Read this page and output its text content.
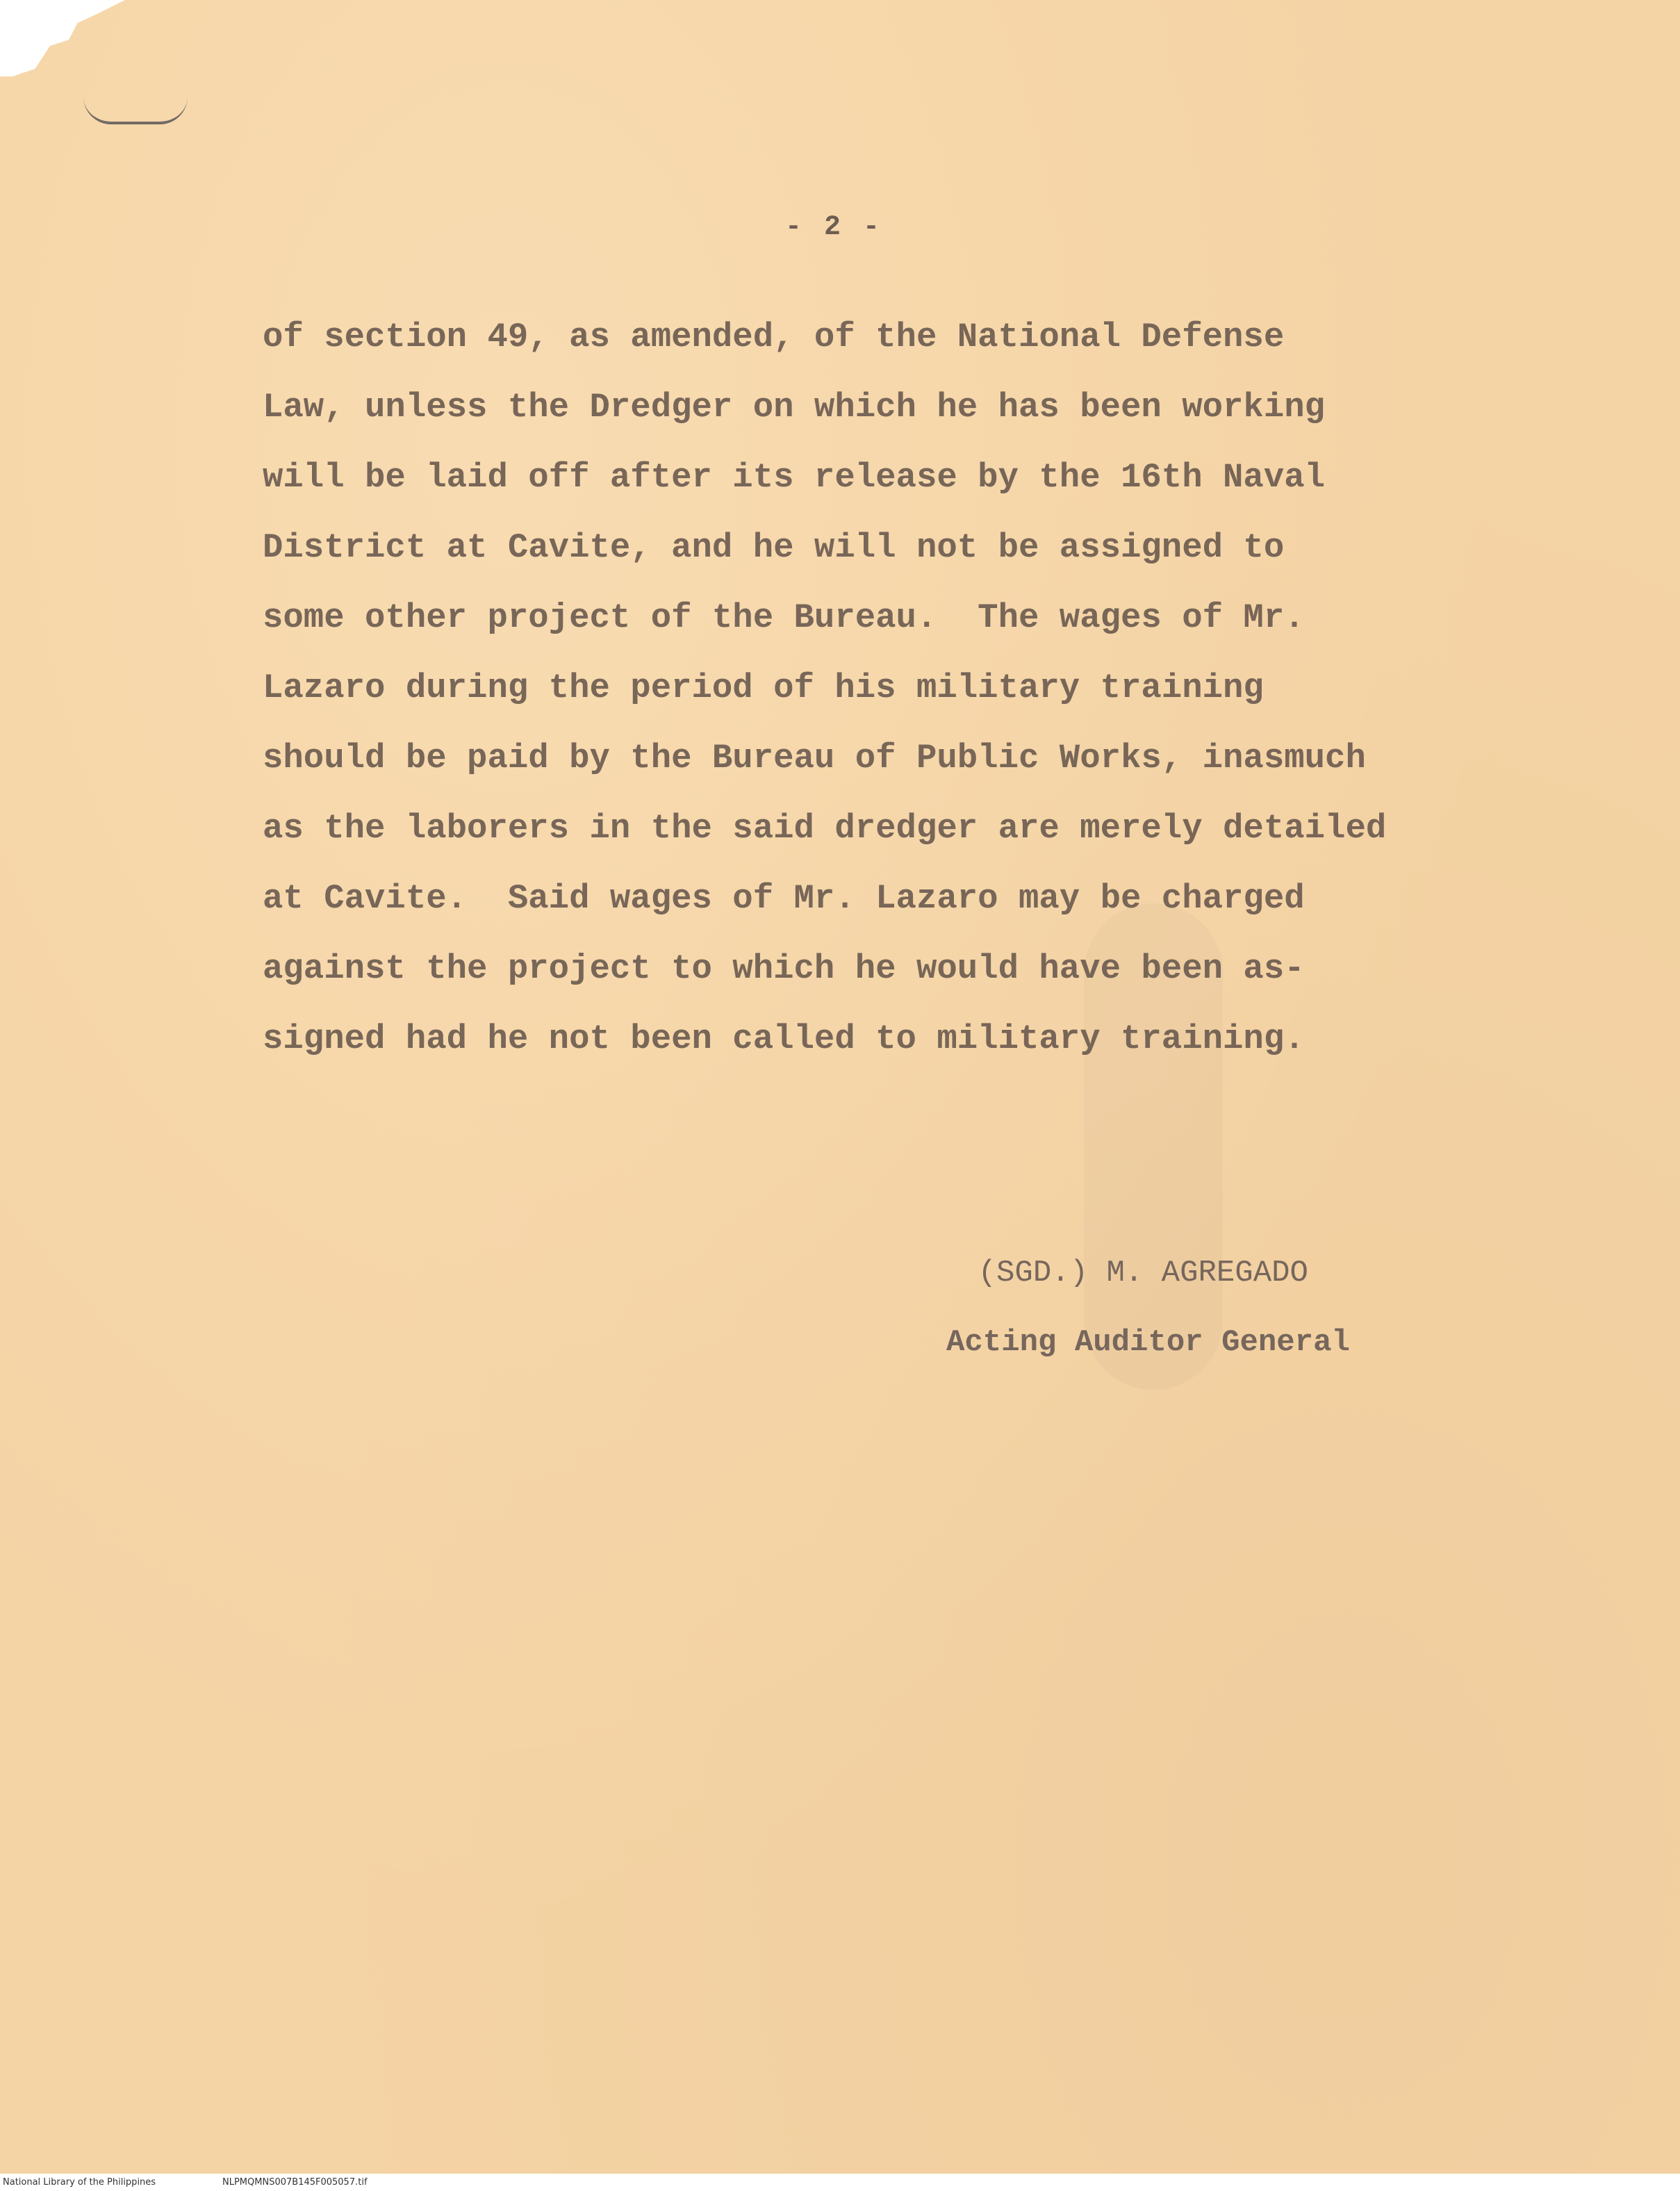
- 2 -
of section 49, as amended, of the National Defense
Law, unless the Dredger on which he has been working
will be laid off after its release by the 16th Naval
District at Cavite, and he will not be assigned to
some other project of the Bureau.  The wages of Mr.
Lazaro during the period of his military training
should be paid by the Bureau of Public Works, inasmuch
as the laborers in the said dredger are merely detailed
at Cavite.  Said wages of Mr. Lazaro may be charged
against the project to which he would have been as-
signed had he not been called to military training.

(SGD.) M. AGREGADO

Acting Auditor General

National Library of the Philippines	NLPMQMNS007B145F005057.tif
